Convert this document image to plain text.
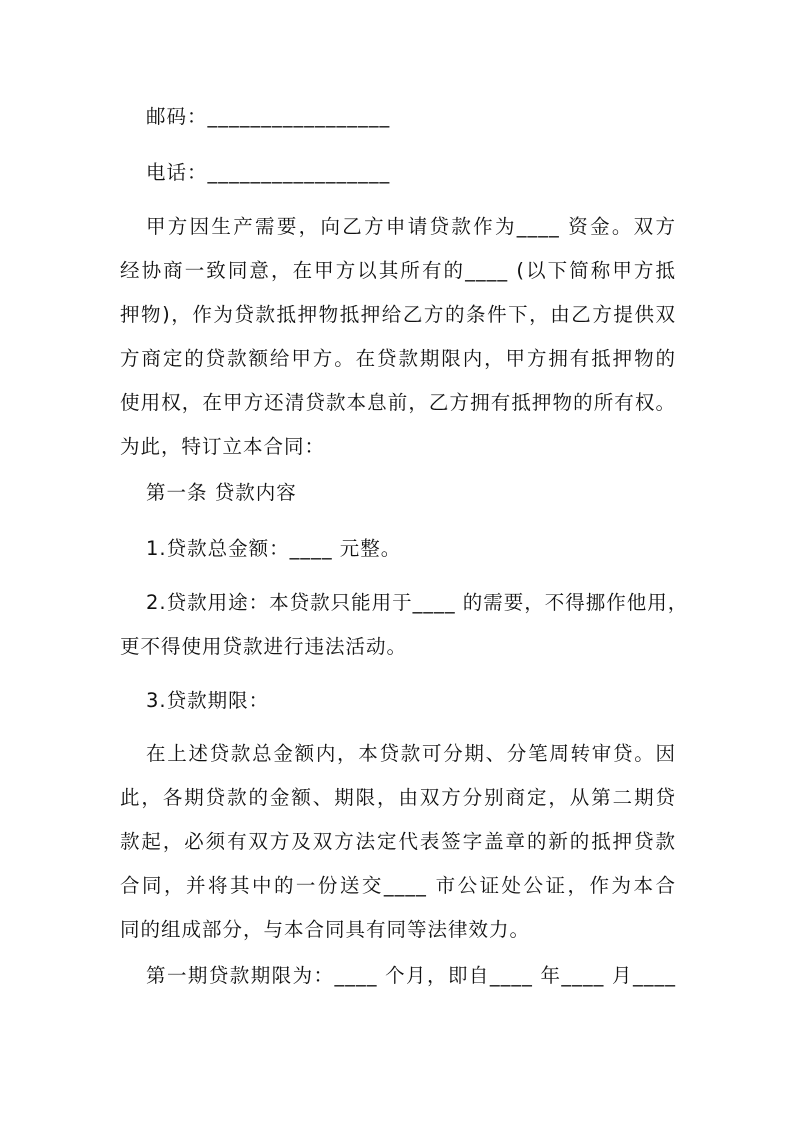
邮码：_________________
电话：_________________
甲方因生产需要，向乙方申请贷款作为____ 资金。双方
经协商一致同意，在甲方以其所有的____ (以下简称甲方抵
押物)，作为贷款抵押物抵押给乙方的条件下，由乙方提供双
方商定的贷款额给甲方。在贷款期限内，甲方拥有抵押物的
使用权，在甲方还清贷款本息前，乙方拥有抵押物的所有权。
为此，特订立本合同：
第一条 贷款内容
1.贷款总金额：____ 元整。
2.贷款用途：本贷款只能用于____ 的需要，不得挪作他用，
更不得使用贷款进行违法活动。
3.贷款期限：
在上述贷款总金额内，本贷款可分期、分笔周转审贷。因
此，各期贷款的金额、期限，由双方分别商定，从第二期贷
款起，必须有双方及双方法定代表签字盖章的新的抵押贷款
合同，并将其中的一份送交____ 市公证处公证，作为本合
同的组成部分，与本合同具有同等法律效力。
第一期贷款期限为：____ 个月，即自____ 年____ 月____
